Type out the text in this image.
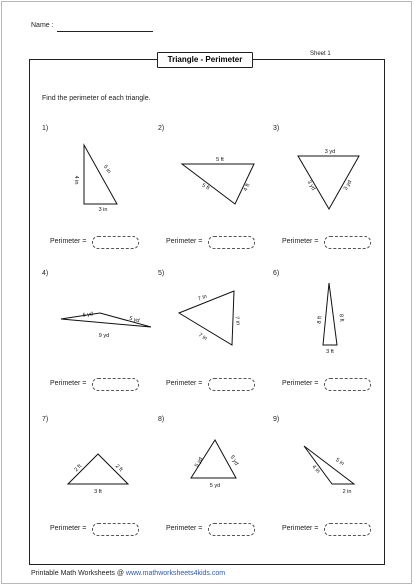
Name :
Triangle - Perimeter
Sheet 1
Find the perimeter of each triangle.
1)
4 in
5 in
3 in
2)
5 ft
5 ft	4 ft
3)
3 yd
3 yd	3 yd
Perimeter =	Perimeter =	Perimeter =
4)
6 yd
5 yd
9 yd
5)
7 in
7 in
7 in
6)
8 ft	8 ft
3 ft
Perimeter =	Perimeter =	Perimeter =
7)
2 ft	2 ft
3 ft
8)
5 yd	5 yd
5 yd
9)
4 in
5 in
2 in
Perimeter =	Perimeter =	Perimeter =
Printable Math Worksheets @ www.mathworksheets4kids.com
